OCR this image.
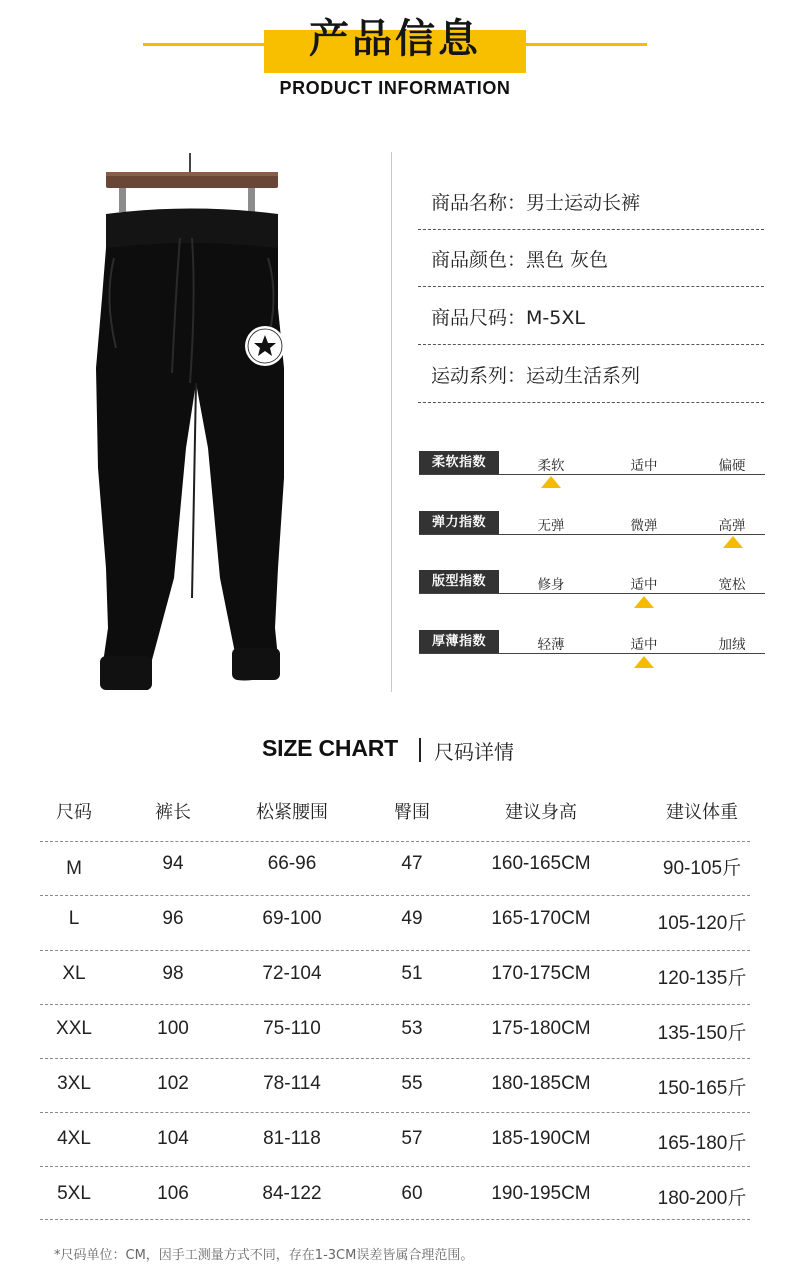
产品信息
PRODUCT INFORMATION
商品名称：男士运动长裤
商品颜色：黑色 灰色
商品尺码：M-5XL
运动系列：运动生活系列
柔软指数	柔软	适中	偏硬
弹力指数	无弹	微弹	高弹
版型指数	修身	适中	宽松
厚薄指数	轻薄	适中	加绒
SIZE CHART 尺码详情
尺码	裤长	松紧腰围	臀围	建议身高	建议体重
M	94	66-96	47	160-165CM	90-105斤
L	96	69-100	49	165-170CM	105-120斤
XL	98	72-104	51	170-175CM	120-135斤
XXL	100	75-110	53	175-180CM	135-150斤
3XL	102	78-114	55	180-185CM	150-165斤
4XL	104	81-118	57	185-190CM	165-180斤
5XL	106	84-122	60	190-195CM	180-200斤
*尺码单位：CM，因手工测量方式不同，存在1-3CM误差皆属合理范围。
